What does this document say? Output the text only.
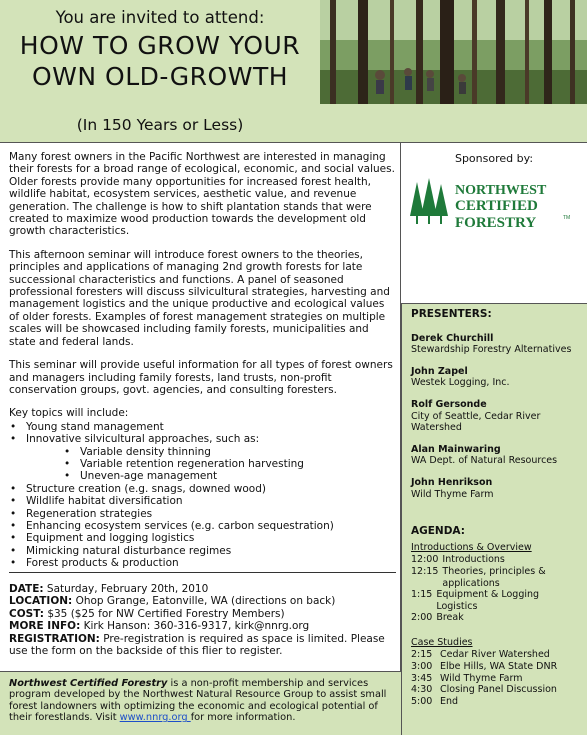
You are invited to attend:
HOW TO GROW YOUR
OWN OLD-GROWTH
(In 150 Years or Less)

Many forest owners in the Pacific Northwest are interested in managing their forests for a broad range of ecological, economic, and social values. Older forests provide many opportunities for increased forest health, wildlife habitat, ecosystem services, aesthetic value, and revenue generation. The challenge is how to shift plantation stands that were created to maximize wood production towards the development old growth characteristics.

This afternoon seminar will introduce forest owners to the theories, principles and applications of managing 2nd growth forests for late successional characteristics and functions. A panel of seasoned professional foresters will discuss silvicultural strategies, harvesting and management logistics and the unique productive and ecological values of older forests. Examples of forest management strategies on multiple scales will be showcased including family forests, municipalities and state and federal lands.

This seminar will provide useful information for all types of forest owners and managers including family forests, land trusts, non-profit conservation groups, govt. agencies, and consulting foresters.

Key topics will include:
• Young stand management
• Innovative silvicultural approaches, such as:
• Variable density thinning
• Variable retention regeneration harvesting
• Uneven-age management
• Structure creation (e.g. snags, downed wood)
• Wildlife habitat diversification
• Regeneration strategies
• Enhancing ecosystem services (e.g. carbon sequestration)
• Equipment and logging logistics
• Mimicking natural disturbance regimes
• Forest products & production
DATE: Saturday, February 20th, 2010
LOCATION: Ohop Grange, Eatonville, WA (directions on back)
COST: $35 ($25 for NW Certified Forestry Members)
MORE INFO: Kirk Hanson: 360-316-9317, kirk@nnrg.org
REGISTRATION: Pre-registration is required as space is limited. Please use the form on the backside of this flier to register.
Sponsored by:
NORTHWEST
CERTIFIED
FORESTRY	TM
PRESENTERS:
Derek Churchill
Stewardship Forestry Alternatives
John Zapel
Westek Logging, Inc.
Rolf Gersonde
City of Seattle, Cedar River Watershed
Alan Mainwaring
WA Dept. of Natural Resources
John Henrikson
Wild Thyme Farm
AGENDA:
Introductions & Overview
12:00 Introductions
12:15 Theories, principles & applications
1:15 Equipment & Logging Logistics
2:00 Break
Case Studies
2:15 Cedar River Watershed
3:00 Elbe Hills, WA State DNR
3:45 Wild Thyme Farm
4:30 Closing Panel Discussion
5:00 End
Northwest Certified Forestry is a non-profit membership and services program developed by the Northwest Natural Resource Group to assist small forest landowners with optimizing the economic and ecological potential of their forestlands. Visit www.nnrg.org for more information.
